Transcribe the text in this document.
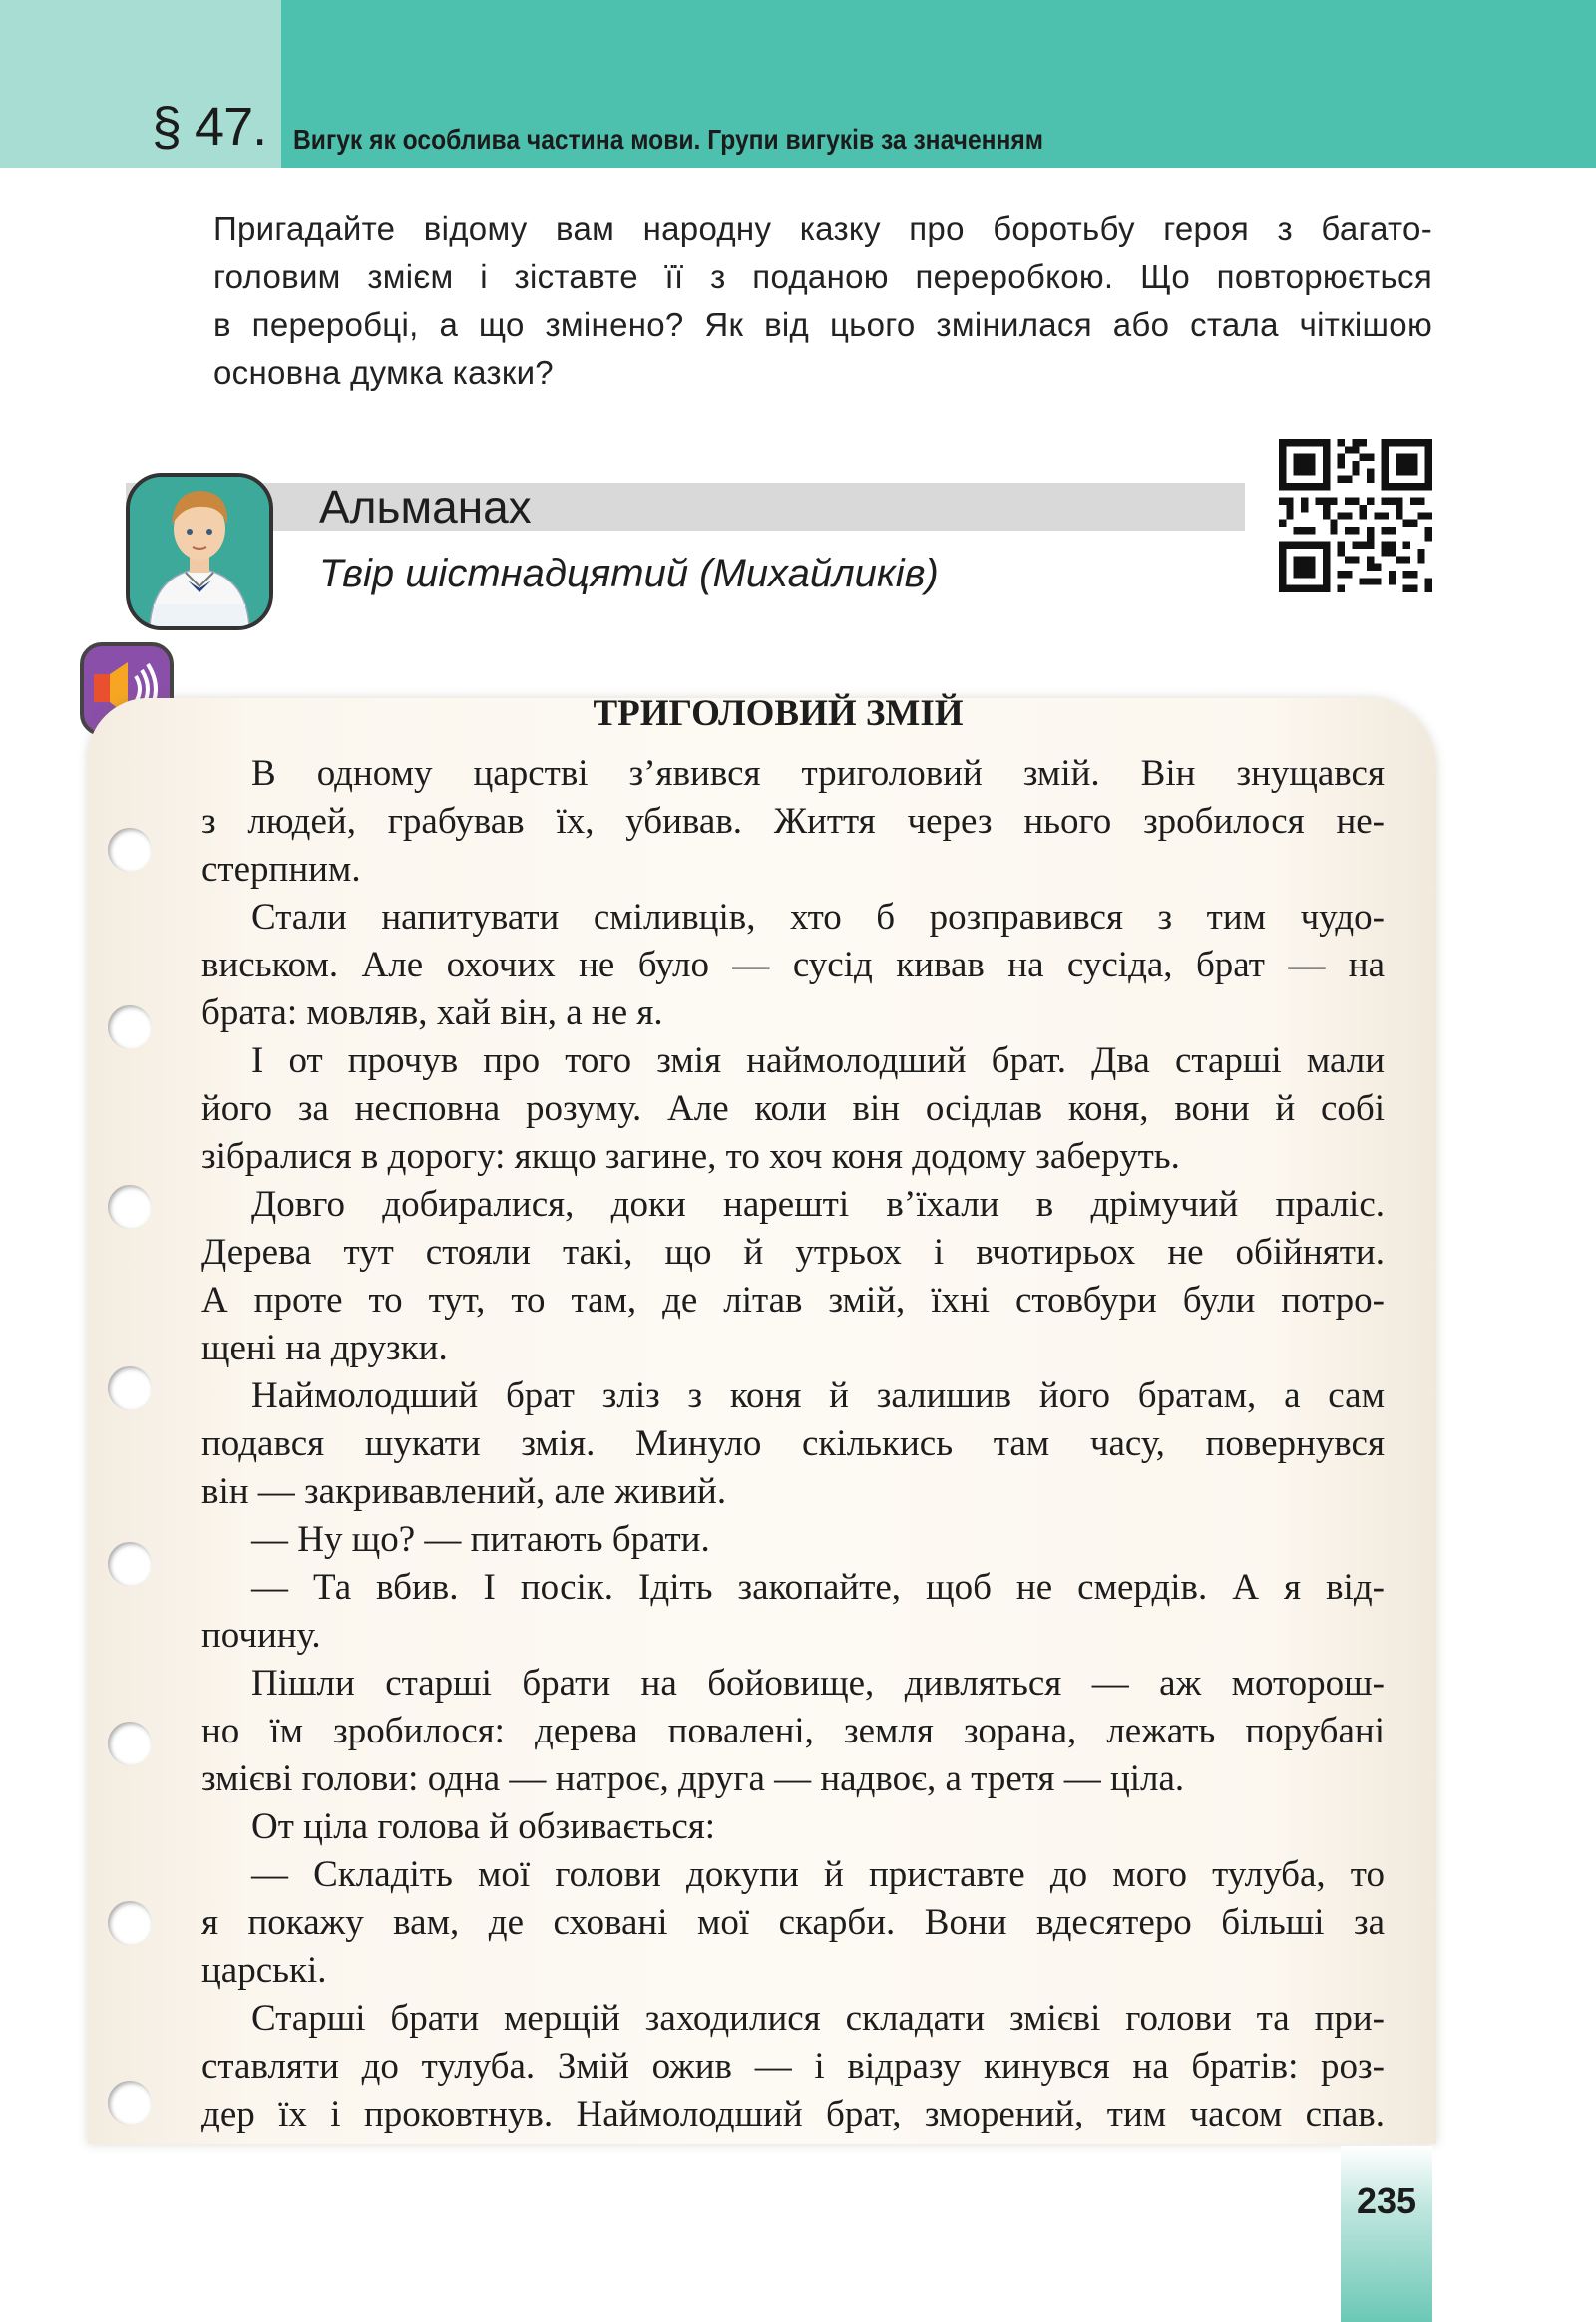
§ 47. Вигук як особлива частина мови. Групи вигуків за значенням
Пригадайте відому вам народну казку про боротьбу героя з багато-
головим змієм і зіставте її з поданою переробкою. Що повторюється
в переробці, а що змінено? Як від цього змінилася або стала чіткішою
основна думка казки?
Альманах
Твір шістнадцятий (Михайликів)
ТРИГОЛОВИЙ ЗМІЙ
В одному царстві з’явився триголовий змій. Він знущався
з людей, грабував їх, убивав. Життя через нього зробилося не-
стерпним.
Стали напитувати сміливців, хто б розправився з тим чудо-
виськом. Але охочих не було — сусід кивав на сусіда, брат — на
брата: мовляв, хай він, а не я.
І от прочув про того змія наймолодший брат. Два старші мали
його за несповна розуму. Але коли він осідлав коня, вони й собі
зібралися в дорогу: якщо загине, то хоч коня додому заберуть.
Довго добиралися, доки нарешті в’їхали в дрімучий праліс.
Дерева тут стояли такі, що й утрьох і вчотирьох не обійняти.
А проте то тут, то там, де літав змій, їхні стовбури були потро-
щені на друзки.
Наймолодший брат зліз з коня й залишив його братам, а сам
подався шукати змія. Минуло скількись там часу, повернувся
він — закривавлений, але живий.
— Ну що? — питають брати.
— Та вбив. І посік. Ідіть закопайте, щоб не смердів. А я від-
почину.
Пішли старші брати на бойовище, дивляться — аж моторош-
но їм зробилося: дерева повалені, земля зорана, лежать порубані
змієві голови: одна — натроє, друга — надвоє, а третя — ціла.
От ціла голова й обзивається:
— Складіть мої голови докупи й приставте до мого тулуба, то
я покажу вам, де сховані мої скарби. Вони вдесятеро більші за
царські.
Старші брати мерщій заходилися складати змієві голови та при-
ставляти до тулуба. Змій ожив — і відразу кинувся на братів: роз-
дер їх і проковтнув. Наймолодший брат, зморений, тим часом спав.
235
